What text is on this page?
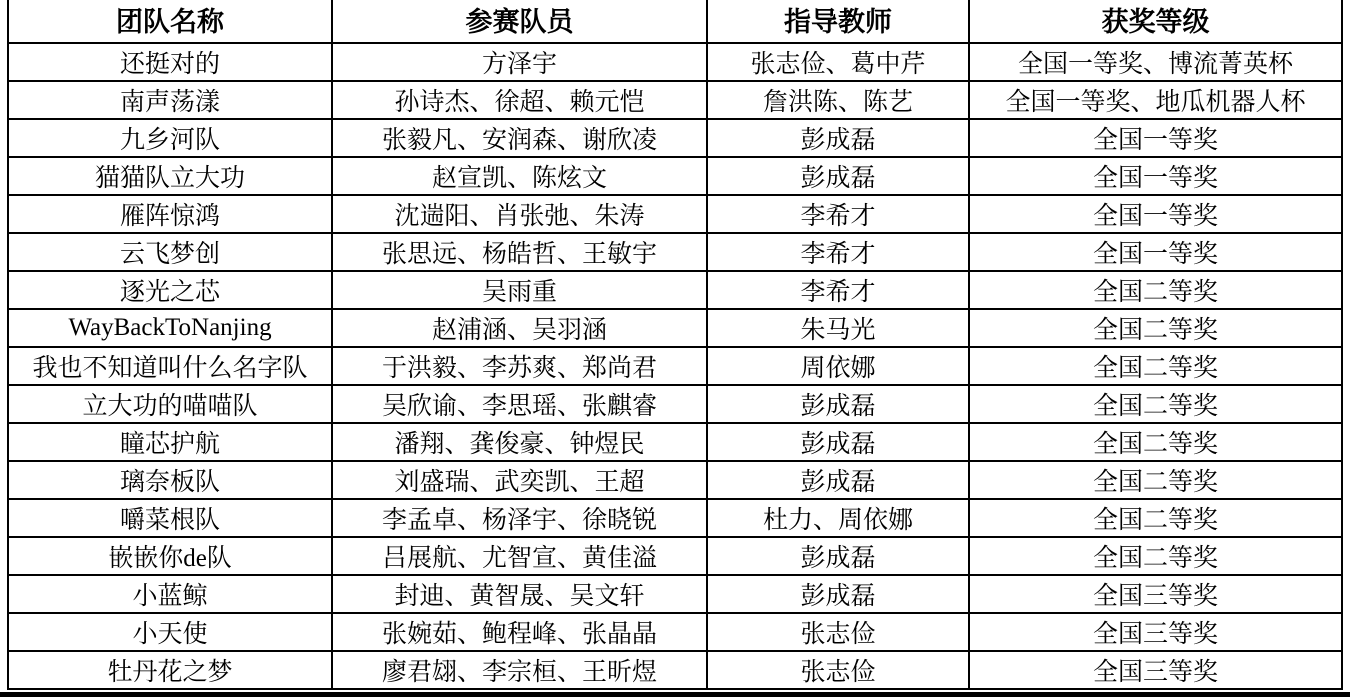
团队名称	参赛队员	指导教师	获奖等级
还挺对的	方泽宇	张志俭、葛中芹	全国一等奖、博流菁英杯
南声荡漾	孙诗杰、徐超、赖元恺	詹洪陈、陈艺	全国一等奖、地瓜机器人杯
九乡河队	张毅凡、安润森、谢欣凌	彭成磊	全国一等奖
猫猫队立大功	赵宣凯、陈炫文	彭成磊	全国一等奖
雁阵惊鸿	沈遄阳、肖张弛、朱涛	李希才	全国一等奖
云飞梦创	张思远、杨皓哲、王敏宇	李希才	全国一等奖
逐光之芯	吴雨重	李希才	全国二等奖
WayBackToNanjing	赵浦涵、吴羽涵	朱马光	全国二等奖
我也不知道叫什么名字队	于洪毅、李苏爽、郑尚君	周依娜	全国二等奖
立大功的喵喵队	吴欣谕、李思瑶、张麒睿	彭成磊	全国二等奖
瞳芯护航	潘翔、龚俊豪、钟煜民	彭成磊	全国二等奖
璃奈板队	刘盛瑞、武奕凯、王超	彭成磊	全国二等奖
嚼菜根队	李孟卓、杨泽宇、徐晓锐	杜力、周依娜	全国二等奖
嵌嵌你de队	吕展航、尤智宣、黄佳溢	彭成磊	全国二等奖
小蓝鲸	封迪、黄智晟、吴文轩	彭成磊	全国三等奖
小天使	张婉茹、鲍程峰、张晶晶	张志俭	全国三等奖
牡丹花之梦	廖君翃、李宗桓、王昕煜	张志俭	全国三等奖
